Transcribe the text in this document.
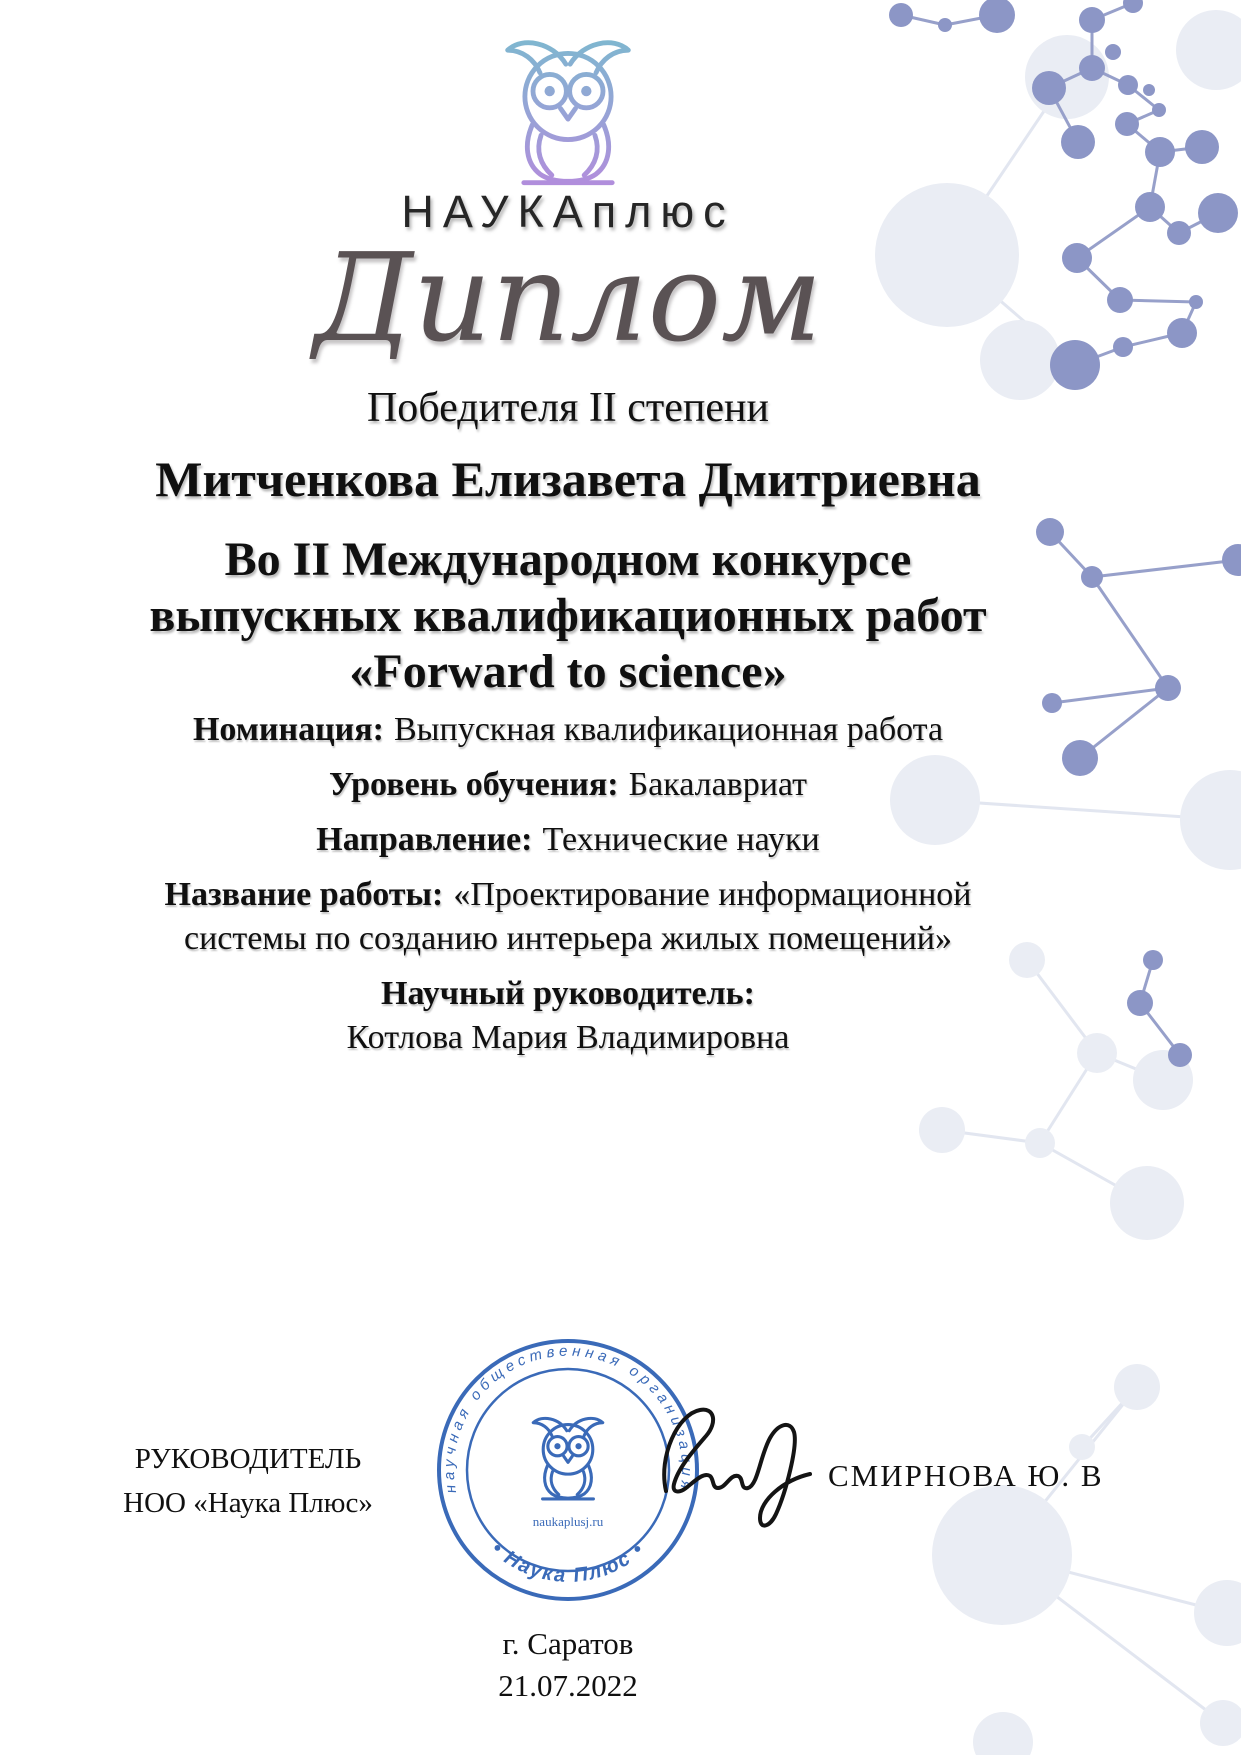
НАУКАплюс
Диплом
Победителя II степени
Митченкова Елизавета Дмитриевна
Во II Международном конкурсе
выпускных квалификационных работ
«Forward to science»

Номинация: Выпускная квалификационная работа

Уровень обучения: Бакалавриат

Направление: Технические науки

Название работы: «Проектирование информационной системы по созданию интерьера жилых помещений»

Научный руководитель:
Котлова Мария Владимировна

г. Саратов
21.07.2022
РУКОВОДИТЕЛЬ
НОО «Наука Плюс»	научная общественная организация
• Наука Плюс •
naukaplusj.ru
СМИРНОВА Ю. В
